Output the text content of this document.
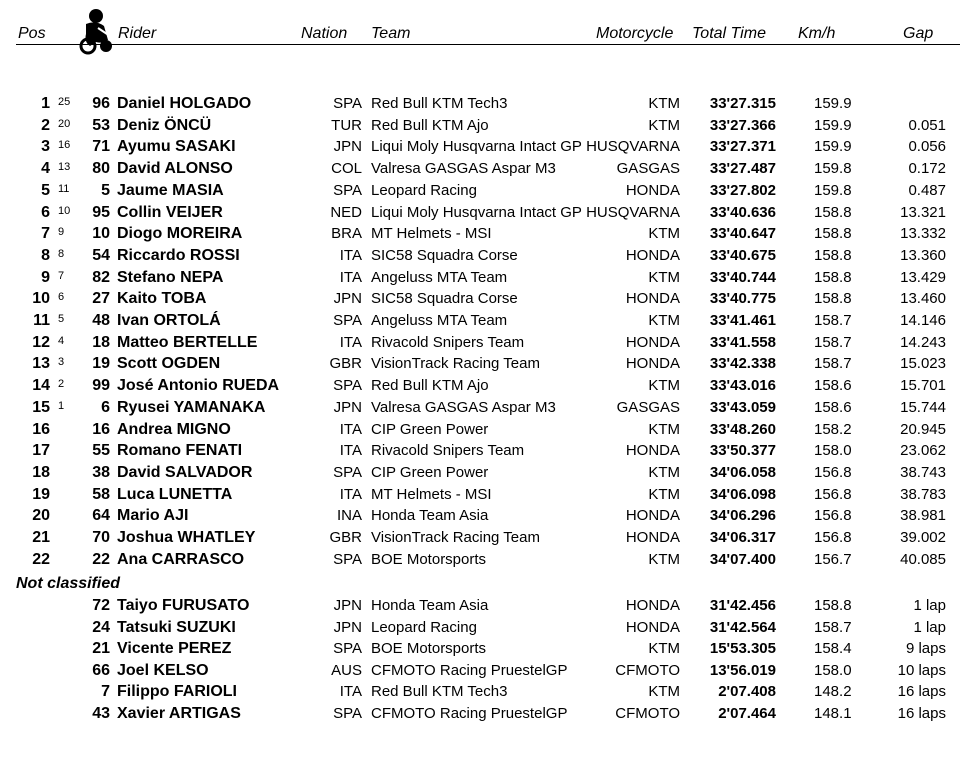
Pos	Rider	Nation Team	Motorcycle Total Time Km/h	Gap
1 25	96 Daniel HOLGADO	SPA Red Bull KTM Tech3	KTM	33'27.315	159.9
2 20	53 Deniz ÖNCÜ	TUR Red Bull KTM Ajo	KTM	33'27.366	159.9	0.051
3 16	71 Ayumu SASAKI	JPN Liqui Moly Husqvarna Intact GP HUSQVARNA	33'27.371	159.9	0.056
4 13	80 David ALONSO	COL Valresa GASGAS Aspar M3	GASGAS	33'27.487	159.8	0.172
5 11	5 Jaume MASIA	SPA Leopard Racing	HONDA	33'27.802	159.8	0.487
6 10	95 Collin VEIJER	NED Liqui Moly Husqvarna Intact GP HUSQVARNA	33'40.636	158.8	13.321
7 9	10 Diogo MOREIRA	BRA MT Helmets - MSI	KTM	33'40.647	158.8	13.332
8 8	54 Riccardo ROSSI	ITA SIC58 Squadra Corse	HONDA	33'40.675	158.8	13.360
9 7	82 Stefano NEPA	ITA Angeluss MTA Team	KTM	33'40.744	158.8	13.429
10 6	27 Kaito TOBA	JPN SIC58 Squadra Corse	HONDA	33'40.775	158.8	13.460
11 5	48 Ivan ORTOLÁ	SPA Angeluss MTA Team	KTM	33'41.461	158.7	14.146
12 4	18 Matteo BERTELLE	ITA Rivacold Snipers Team	HONDA	33'41.558	158.7	14.243
13 3	19 Scott OGDEN	GBR VisionTrack Racing Team	HONDA	33'42.338	158.7	15.023
14 2	99 José Antonio RUEDA	SPA Red Bull KTM Ajo	KTM	33'43.016	158.6	15.701
15 1	6 Ryusei YAMANAKA	JPN Valresa GASGAS Aspar M3	GASGAS	33'43.059	158.6	15.744
16	16 Andrea MIGNO	ITA CIP Green Power	KTM	33'48.260	158.2	20.945
17	55 Romano FENATI	ITA Rivacold Snipers Team	HONDA	33'50.377	158.0	23.062
18	38 David SALVADOR	SPA CIP Green Power	KTM	34'06.058	156.8	38.743
19	58 Luca LUNETTA	ITA MT Helmets - MSI	KTM	34'06.098	156.8	38.783
20	64 Mario AJI	INA Honda Team Asia	HONDA	34'06.296	156.8	38.981
21	70 Joshua WHATLEY	GBR VisionTrack Racing Team	HONDA	34'06.317	156.8	39.002
22	22 Ana CARRASCO	SPA BOE Motorsports	KTM	34'07.400	156.7	40.085
72 Taiyo FURUSATO	JPN Honda Team Asia	HONDA	31'42.456	158.8	1 lap
24 Tatsuki SUZUKI	JPN Leopard Racing	HONDA	31'42.564	158.7	1 lap
21 Vicente PEREZ	SPA BOE Motorsports	KTM	15'53.305	158.4	9 laps
66 Joel KELSO	AUS CFMOTO Racing PruestelGP	CFMOTO	13'56.019	158.0	10 laps
7 Filippo FARIOLI	ITA Red Bull KTM Tech3	KTM	2'07.408	148.2	16 laps
43 Xavier ARTIGAS	SPA CFMOTO Racing PruestelGP	CFMOTO	2'07.464	148.1	16 laps
Not classified
